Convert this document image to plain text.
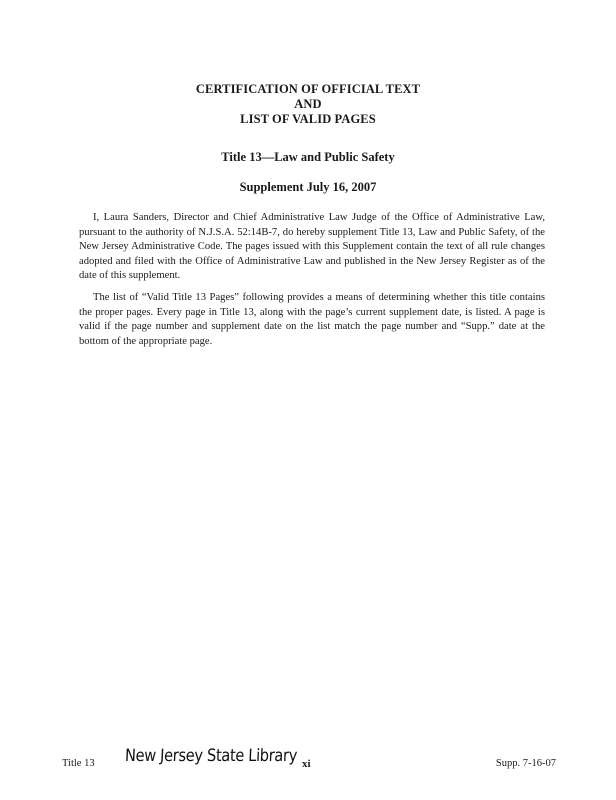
CERTIFICATION OF OFFICIAL TEXT
AND
LIST OF VALID PAGES
Title 13—Law and Public Safety
Supplement July 16, 2007

I, Laura Sanders, Director and Chief Administrative Law Judge of the Office of Administrative Law, pursuant to the authority of N.J.S.A. 52:14B-7, do hereby supplement Title 13, Law and Public Safety, of the New Jersey Administrative Code. The pages issued with this Supplement contain the text of all rule changes adopted and filed with the Office of Administrative Law and published in the New Jersey Register as of the date of this supplement.

The list of “Valid Title 13 Pages” following provides a means of determining whether this title contains the proper pages. Every page in Title 13, along with the page’s current supplement date, is listed. A page is valid if the page number and supplement date on the list match the page number and “Supp.” date at the bottom of the appropriate page.

Title 13 New Jersey State Library xi	Supp. 7-16-07
